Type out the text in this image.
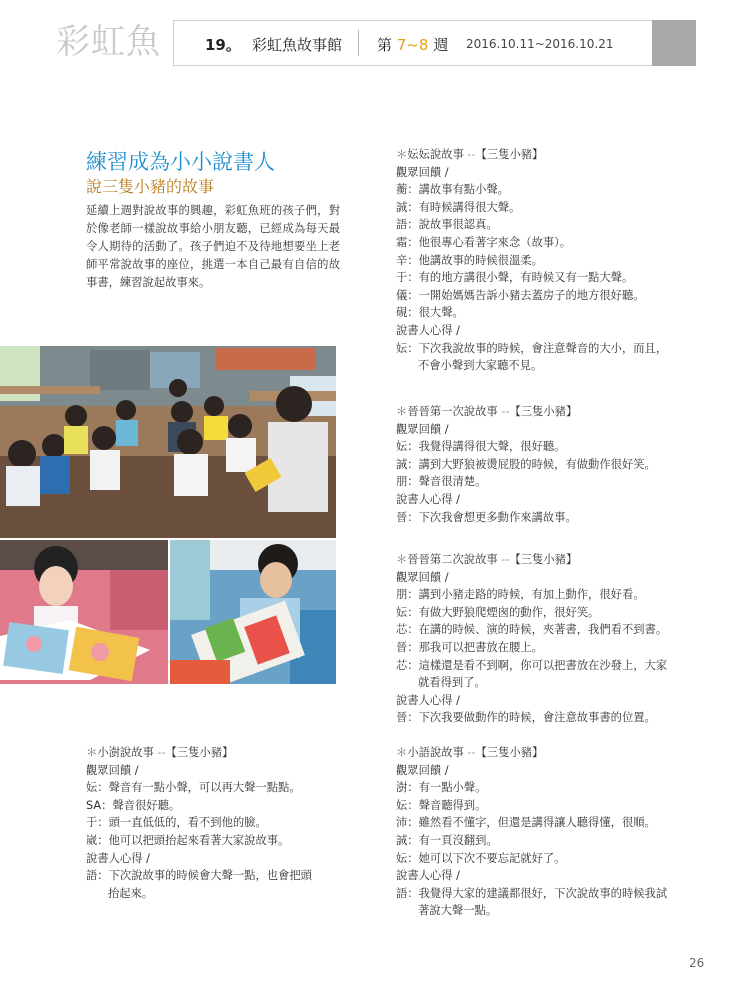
彩虹魚	19。 彩虹魚故事館 第 7~8 週 2016.10.11~2016.10.21
練習成為小小說書人
說三隻小豬的故事
延續上週對說故事的興趣，彩虹魚班的孩子們，對於像老師一樣說故事給小朋友聽，已經成為每天最令人期待的活動了。孩子們迫不及待地想要坐上老師平常說故事的座位，挑選一本自己最有自信的故事書，練習說起故事來。
＊妘妘說故事 --【三隻小豬】
觀眾回饋 /
蘅：講故事有點小聲。
誠：有時候講得很大聲。
語：說故事很認真。
霜：他很專心看著字來念（故事）。
辛：他講故事的時候很溫柔。
于：有的地方講很小聲，有時候又有一點大聲。
儀：一開始媽媽告訴小豬去蓋房子的地方很好聽。
硯：很大聲。
說書人心得 /
妘：下次我說故事的時候，會注意聲音的大小，而且，
不會小聲到大家聽不見。
＊晉晉第一次說故事 --【三隻小豬】
觀眾回饋 /
妘：我覺得講得很大聲，很好聽。
誠：講到大野狼被燙屁股的時候，有做動作很好笑。
朋：聲音很清楚。
說書人心得 /
晉：下次我會想更多動作來講故事。
＊晉晉第二次說故事 --【三隻小豬】
觀眾回饋 /
朋：講到小豬走路的時候，有加上動作，很好看。
妘：有做大野狼爬煙囪的動作，很好笑。
芯：在講的時候、演的時候，夾著書，我們看不到書。
晉：那我可以把書放在腰上。
芯：這樣還是看不到啊，你可以把書放在沙發上，大家
就看得到了。
說書人心得 /
晉：下次我要做動作的時候，會注意故事書的位置。
＊小澍說故事 --【三隻小豬】
觀眾回饋 /
妘：聲音有一點小聲，可以再大聲一點點。
SA：聲音很好聽。
于：頭一直低低的，看不到他的臉。
崴：他可以把頭抬起來看著大家說故事。
說書人心得 /
語：下次說故事的時候會大聲一點，也會把頭
抬起來。
＊小語說故事 --【三隻小豬】
觀眾回饋 /
澍：有一點小聲。
妘：聲音聽得到。
沛：雖然看不懂字，但還是講得讓人聽得懂，很順。
誠：有一頁沒翻到。
妘：她可以下次不要忘記就好了。
說書人心得 /
語：我覺得大家的建議都很好，下次說故事的時候我試
著說大聲一點。
26
